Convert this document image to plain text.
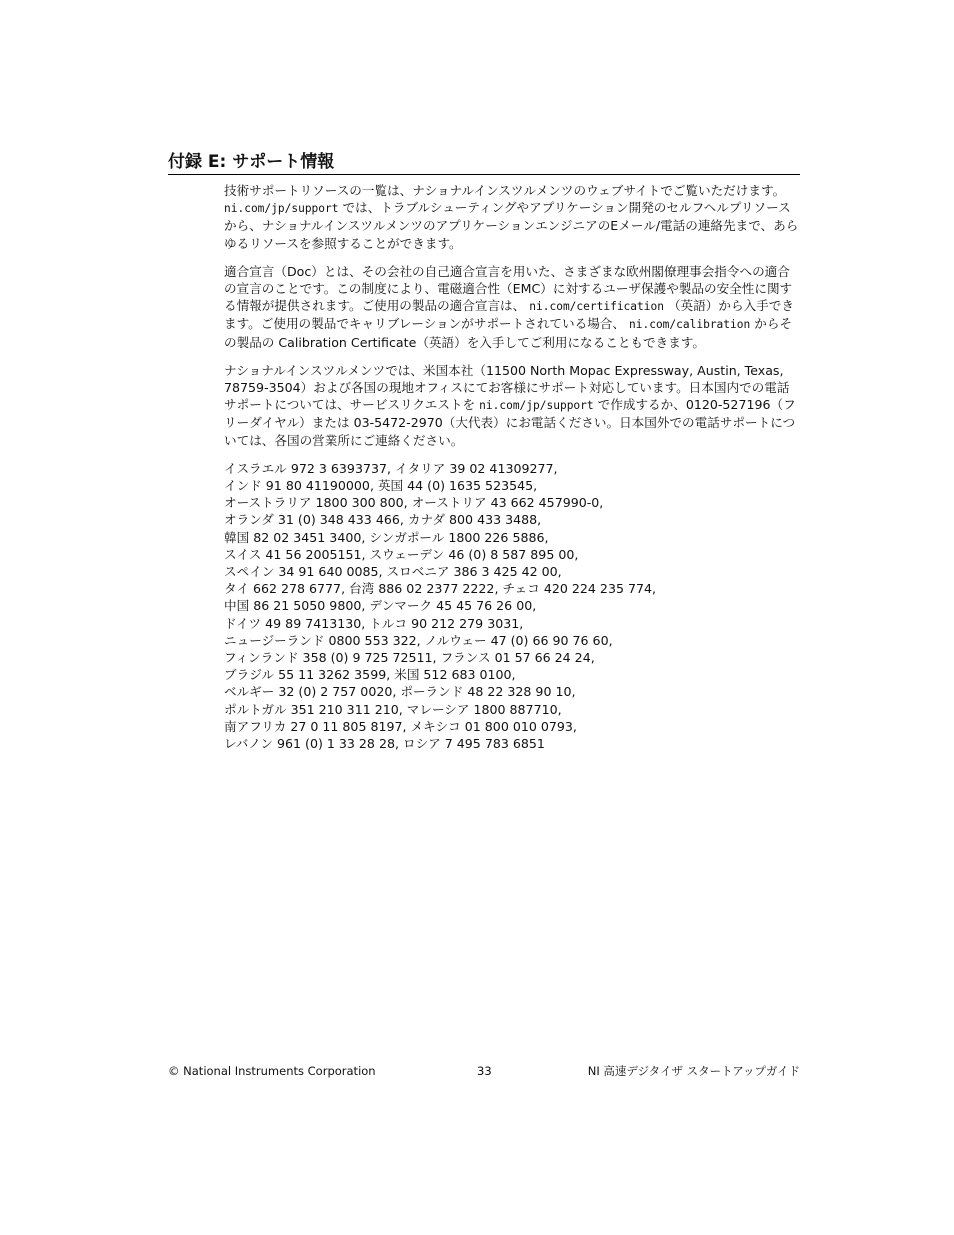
付録 E: サポート情報

技術サポートリソースの一覧は、ナショナルインスツルメンツのウェブサイトでご覧いただけます。 ni.com/jp/support では、トラブルシューティングやアプリケーション開発のセルフヘルプリソースから、ナショナルインスツルメンツのアプリケーションエンジニアのEメール/電話の連絡先まで、あらゆるリソースを参照することができます。

適合宣言（Doc）とは、その会社の自己適合宣言を用いた、さまざまな欧州閣僚理事会指令への適合の宣言のことです。この制度により、電磁適合性（EMC）に対するユーザ保護や製品の安全性に関する情報が提供されます。ご使用の製品の適合宣言は、 ni.com/certification （英語）から入手できます。ご使用の製品でキャリブレーションがサポートされている場合、 ni.com/calibration からその製品の Calibration Certificate（英語）を入手してご利用になることもできます。

ナショナルインスツルメンツでは、米国本社（11500 North Mopac Expressway, Austin, Texas, 78759-3504）および各国の現地オフィスにてお客様にサポート対応しています。日本国内での電話サポートについては、サービスリクエストを ni.com/jp/support で作成するか、0120-527196（フリーダイヤル）または 03-5472-2970（大代表）にお電話ください。日本国外での電話サポートについては、各国の営業所にご連絡ください。

イスラエル 972 3 6393737, イタリア 39 02 41309277,
インド 91 80 41190000, 英国 44 (0) 1635 523545,
オーストラリア 1800 300 800, オーストリア 43 662 457990-0,
オランダ 31 (0) 348 433 466, カナダ 800 433 3488,
韓国 82 02 3451 3400, シンガポール 1800 226 5886,
スイス 41 56 2005151, スウェーデン 46 (0) 8 587 895 00,
スペイン 34 91 640 0085, スロベニア 386 3 425 42 00,
タイ 662 278 6777, 台湾 886 02 2377 2222, チェコ 420 224 235 774,
中国 86 21 5050 9800, デンマーク 45 45 76 26 00,
ドイツ 49 89 7413130, トルコ 90 212 279 3031,
ニュージーランド 0800 553 322, ノルウェー 47 (0) 66 90 76 60,
フィンランド 358 (0) 9 725 72511, フランス 01 57 66 24 24,
ブラジル 55 11 3262 3599, 米国 512 683 0100,
ベルギー 32 (0) 2 757 0020, ポーランド 48 22 328 90 10,
ポルトガル 351 210 311 210, マレーシア 1800 887710,
南アフリカ 27 0 11 805 8197, メキシコ 01 800 010 0793,
レバノン 961 (0) 1 33 28 28, ロシア 7 495 783 6851
© National Instruments Corporation	33	NI 高速デジタイザ スタートアップガイド
